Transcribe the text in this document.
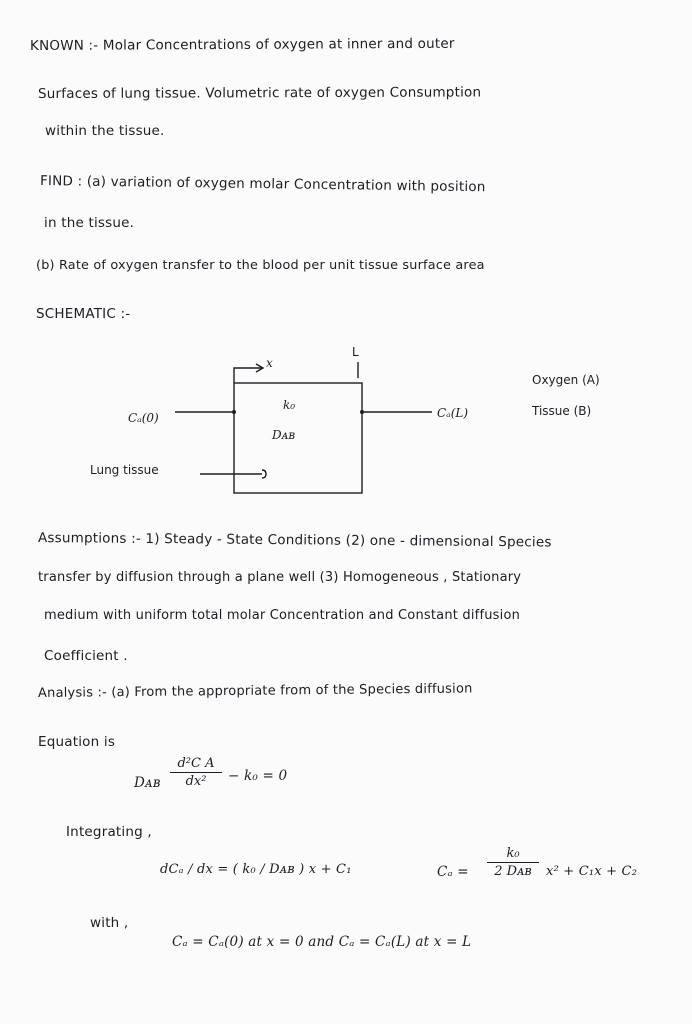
KNOWN :- Molar Concentrations of oxygen at inner and outer
Surfaces of lung tissue. Volumetric rate of oxygen Consumption
within the tissue.
FIND : (a) variation of oxygen molar Concentration with position
in the tissue.
(b) Rate of oxygen transfer to the blood per unit tissue surface area
SCHEMATIC :-
x
L
k₀
Dᴀʙ
Cₐ(0)	Cₐ(L)
Oxygen (A)
Tissue (B)
Lung tissue
Assumptions :- 1) Steady - State Conditions (2) one - dimensional Species
transfer by diffusion through a plane well (3) Homogeneous , Stationary
medium with uniform total molar Concentration and Constant diffusion
Coefficient .
Analysis :- (a) From the appropriate from of the Species diffusion
Equation is
Dᴀʙ
d²C A
dx²	− k₀ = 0
Integrating ,
dCₐ / dx = ( k₀ / Dᴀʙ ) x + C₁	Cₐ =
k₀
2 Dᴀʙ	x² + C₁x + C₂
with ,
Cₐ = Cₐ(0) at x = 0 and Cₐ = Cₐ(L) at x = L
